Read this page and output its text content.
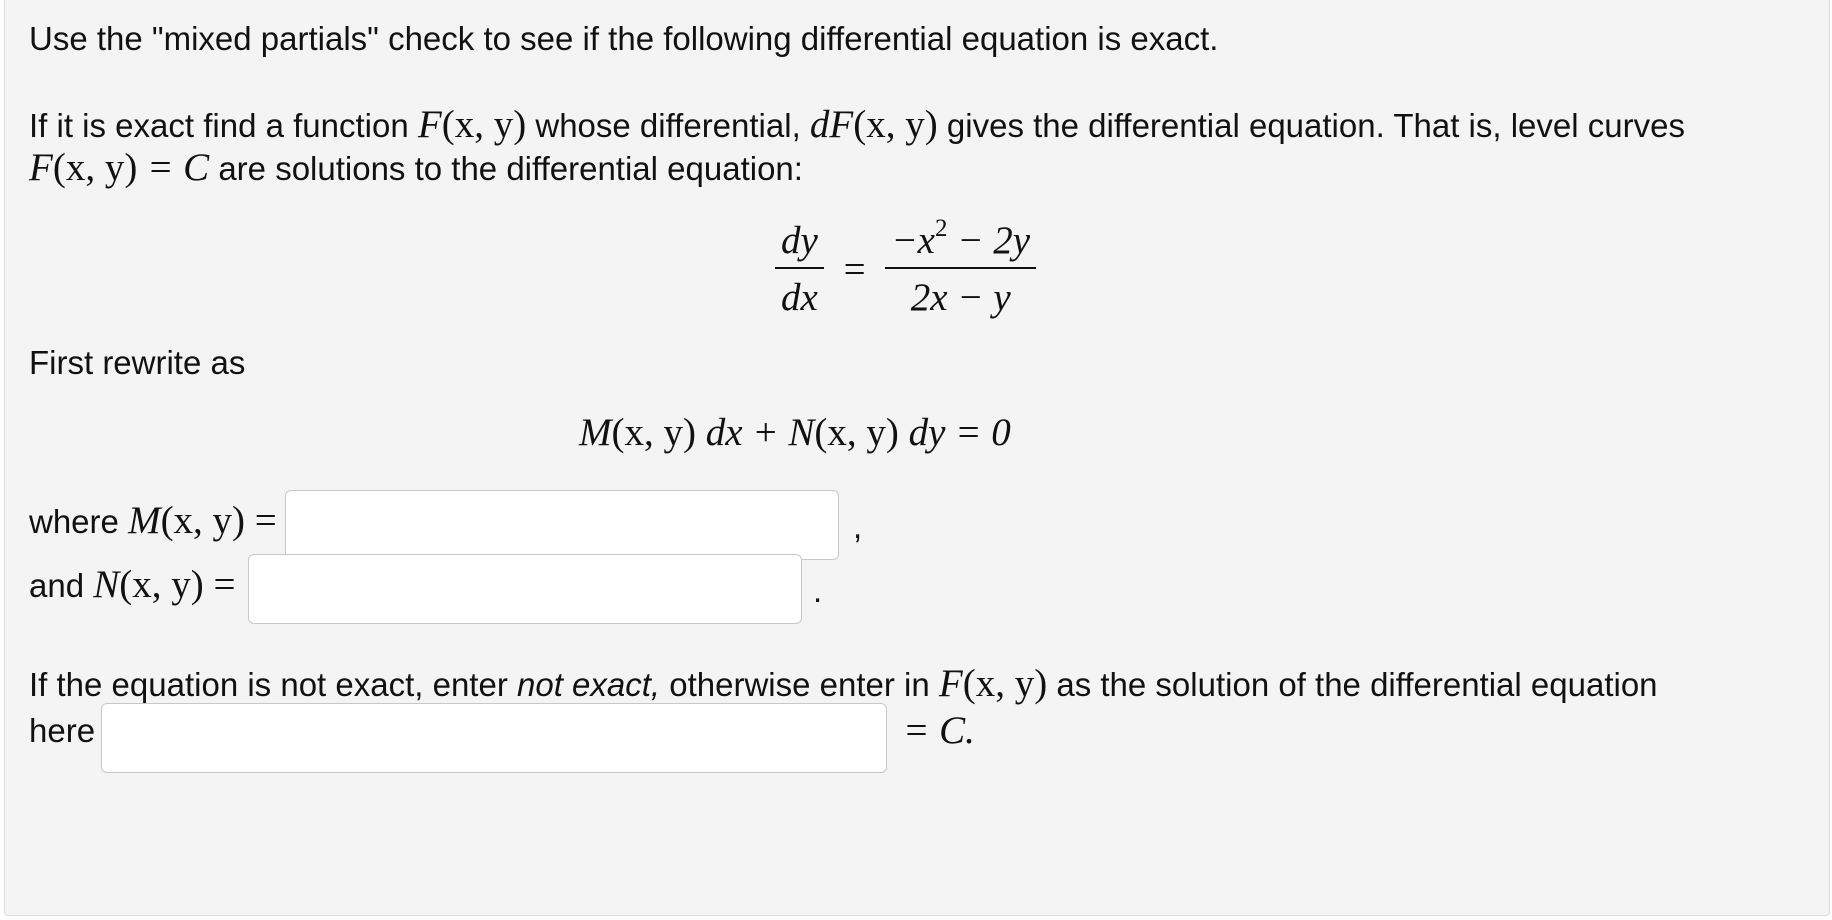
Use the "mixed partials" check to see if the following differential equation is exact.
If it is exact find a function F(x, y) whose differential, dF(x, y) gives the differential equation. That is, level curves
F(x, y) = C are solutions to the differential equation:
$\frac{dy}{dx} = \frac{-x^2 - 2y}{2x - y}$
First rewrite as
M(x, y) dx + N(x, y) dy = 0
where M(x, y) =	,
and N(x, y) =	.
If the equation is not exact, enter not exact, otherwise enter in F(x, y) as the solution of the differential equation
here	= C.
